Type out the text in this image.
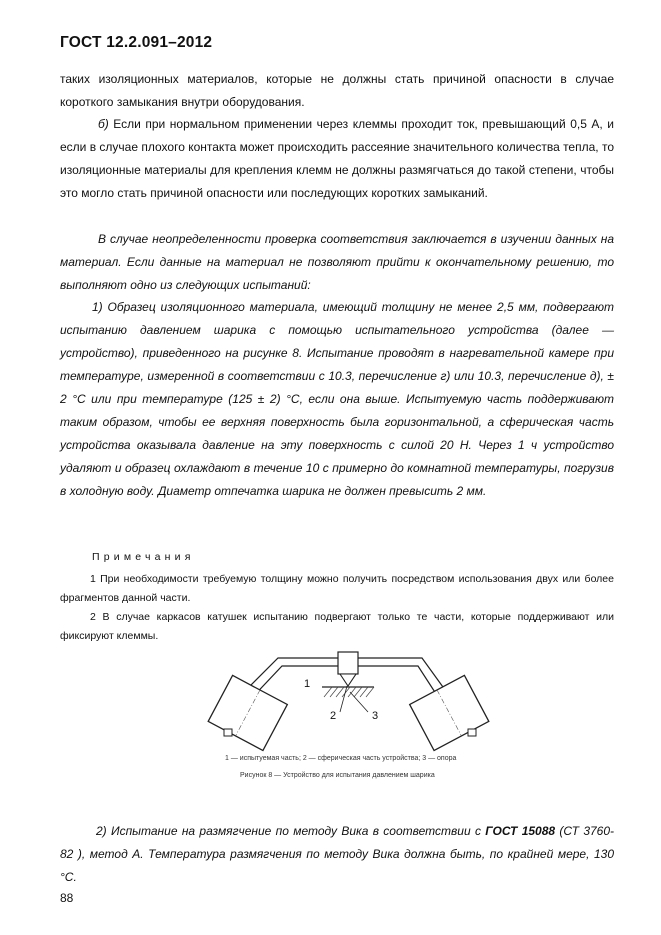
ГОСТ 12.2.091–2012

таких изоляционных материалов, которые не должны стать причиной опасности в случае короткого замыкания внутри оборудования.

б) Если при нормальном применении через клеммы проходит ток, превышающий 0,5 А, и если в случае плохого контакта может происходить рассеяние значительного количества тепла, то изоляционные материалы для крепления клемм не должны размягчаться до такой степени, чтобы это могло стать причиной опасности или последующих коротких замыканий.

В случае неопределенности проверка соответствия заключается в изучении данных на материал. Если данные на материал не позволяют прийти к окончательному решению, то выполняют одно из следующих испытаний:

1) Образец изоляционного материала, имеющий толщину не менее 2,5 мм, подвергают испытанию давлением шарика с помощью испытательного устройства (далее — устройство), приведенного на рисунке 8. Испытание проводят в нагревательной камере при температуре, измеренной в соответствии с 10.3, перечисление г) или 10.3, перечисление д), ± 2 °С или при температуре (125 ± 2) °С, если она выше. Испытуемую часть поддерживают таким образом, чтобы ее верхняя поверхность была горизонтальной, а сферическая часть устройства оказывала давление на эту поверхность с силой 20 Н. Через 1 ч устройство удаляют и образец охлаждают в течение 10 с примерно до комнатной температуры, погрузив в холодную воду. Диаметр отпечатка шарика не должен превысить 2 мм.

Примечания

1 При необходимости требуемую толщину можно получить посредством использования двух или более фрагментов данной части.

2 В случае каркасов катушек испытанию подвергают только те части, которые поддерживают или фиксируют клеммы.

1
2	3
1 — испытуемая часть; 2 — сферическая часть устройства; 3 — опора
Рисунок 8 — Устройство для испытания давлением шарика

2) Испытание на размягчение по методу Вика в соответствии с ГОСТ 15088 (СТ 3760-82 ), метод А. Температура размягчения по методу Вика должна быть, по крайней мере, 130 °С.

88
